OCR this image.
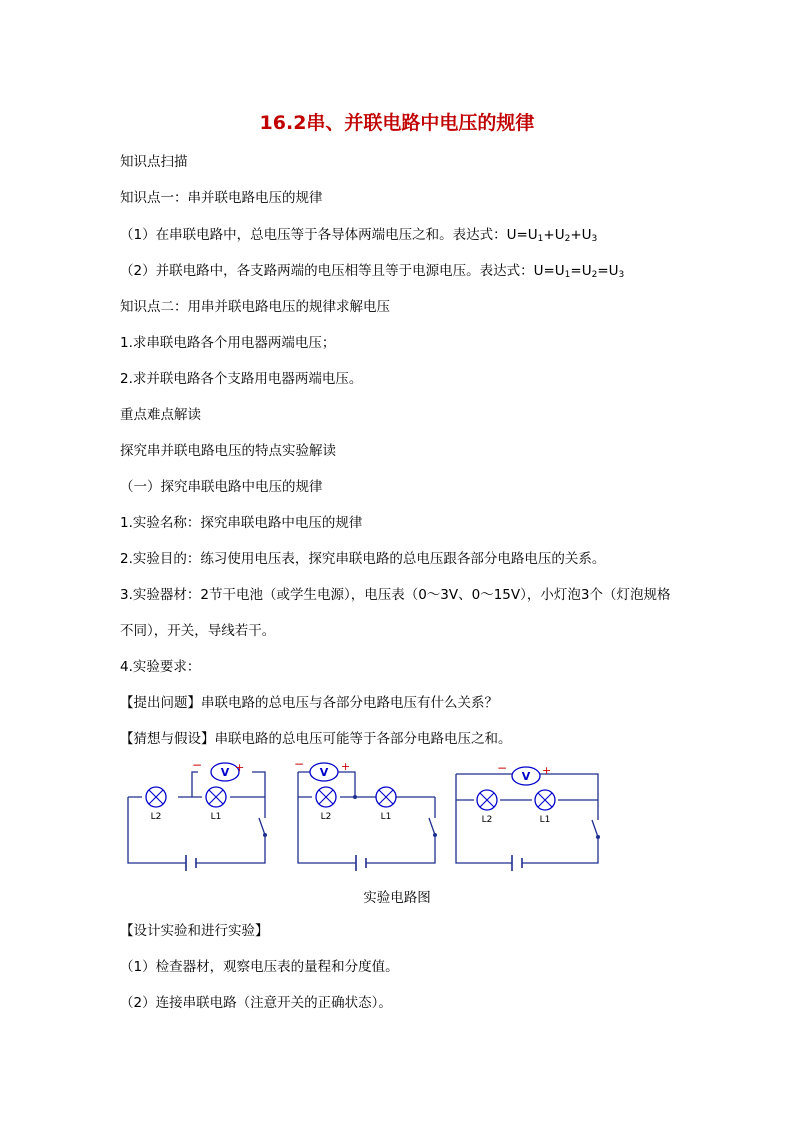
16.2串、并联电路中电压的规律
知识点扫描
知识点一：串并联电路电压的规律
（1）在串联电路中，总电压等于各导体两端电压之和。表达式：$U=U_1+U_2+U_3$
（2）并联电路中，各支路两端的电压相等且等于电源电压。表达式：$U=U_1=U_2=U_3$
知识点二：用串并联电路电压的规律求解电压
1.求串联电路各个用电器两端电压；
2.求并联电路各个支路用电器两端电压。
重点难点解读
探究串并联电路电压的特点实验解读
（一）探究串联电路中电压的规律
1.实验名称：探究串联电路中电压的规律
2.实验目的：练习使用电压表，探究串联电路的总电压跟各部分电路电压的关系。
3.实验器材：2节干电池（或学生电源），电压表（0～3V、0～15V），小灯泡3个（灯泡规格
不同），开关，导线若干。
4.实验要求：
【提出问题】串联电路的总电压与各部分电路电压有什么关系？
【猜想与假设】串联电路的总电压可能等于各部分电路电压之和。
L2	L1
V
−	+
L2	L1
V
−	+
L2	L1
V
−	+
实验电路图
【设计实验和进行实验】
（1）检查器材，观察电压表的量程和分度值。
（2）连接串联电路（注意开关的正确状态）。
